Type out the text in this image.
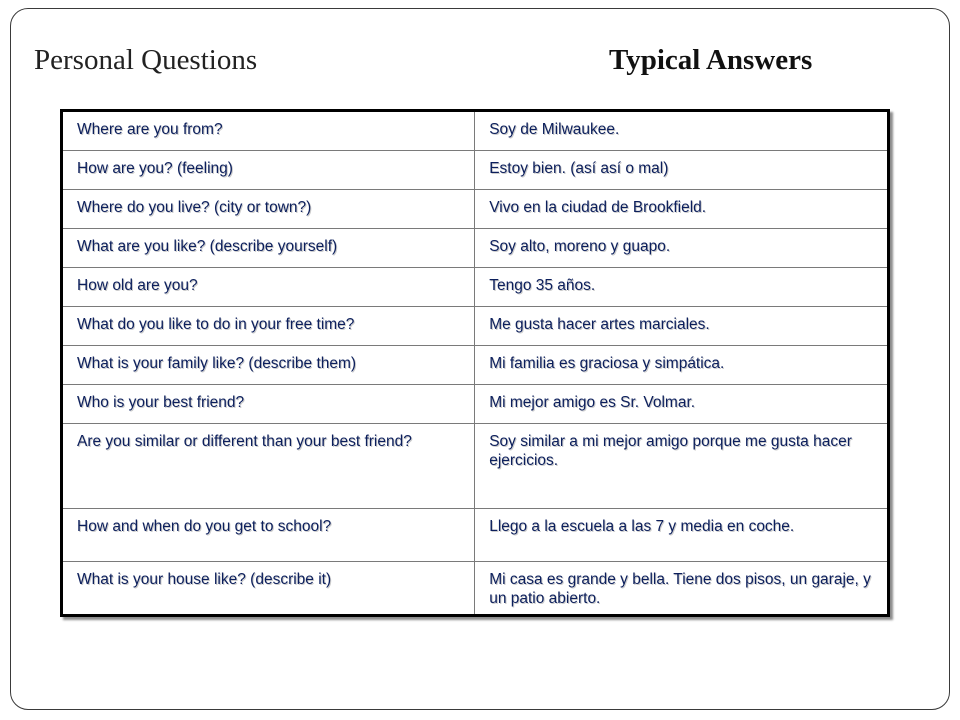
Personal Questions	Typical Answers
Where are you from?	Soy de Milwaukee.
How are you? (feeling)	Estoy bien. (así así o mal)
Where do you live? (city or town?)	Vivo en la ciudad de Brookfield.
What are you like? (describe yourself)	Soy alto, moreno y guapo.
How old are you?	Tengo 35 años.
What do you like to do in your free time?	Me gusta hacer artes marciales.
What is your family like? (describe them)	Mi familia es graciosa y simpática.
Who is your best friend?	Mi mejor amigo es Sr. Volmar.
Are you similar or different than your best friend?	Soy similar a mi mejor amigo porque me gusta hacer ejercicios.
How and when do you get to school?	Llego a la escuela a las 7 y media en coche.
What is your house like? (describe it)	Mi casa es grande y bella. Tiene dos pisos, un garaje, y un patio abierto.
